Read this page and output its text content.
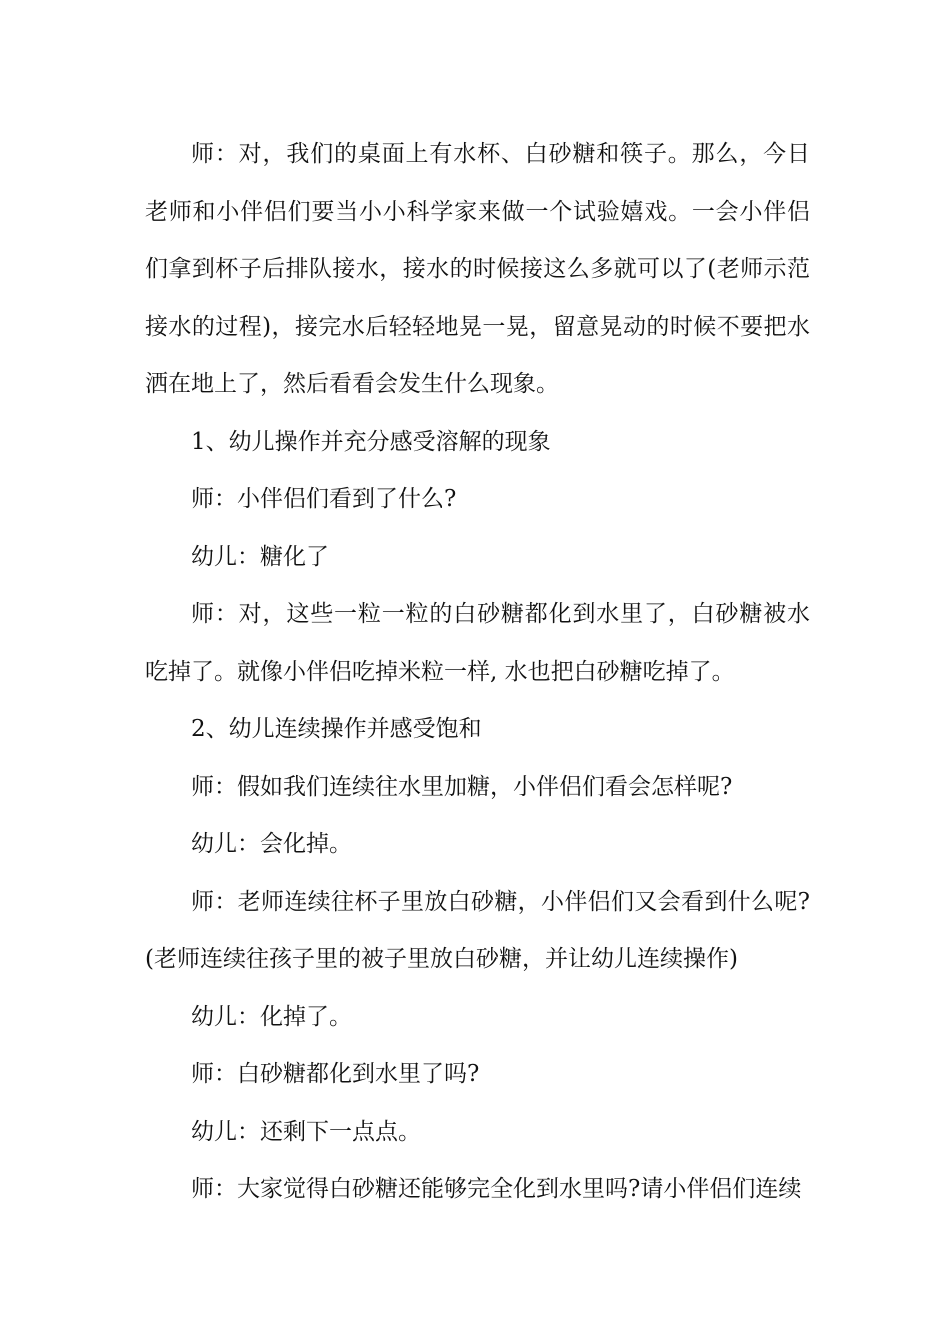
师：对，我们的桌面上有水杯、白砂糖和筷子。那么，今日老师和小伴侣们要当小小科学家来做一个试验嬉戏。一会小伴侣们拿到杯子后排队接水，接水的时候接这么多就可以了(老师示范接水的过程)，接完水后轻轻地晃一晃，留意晃动的时候不要把水洒在地上了，然后看看会发生什么现象。

1、幼儿操作并充分感受溶解的现象

师：小伴侣们看到了什么?

幼儿：糖化了

师：对，这些一粒一粒的白砂糖都化到水里了，白砂糖被水吃掉了。就像小伴侣吃掉米粒一样, 水也把白砂糖吃掉了。

2、幼儿连续操作并感受饱和

师：假如我们连续往水里加糖，小伴侣们看会怎样呢?

幼儿：会化掉。

师：老师连续往杯子里放白砂糖，小伴侣们又会看到什么呢?(老师连续往孩子里的被子里放白砂糖，并让幼儿连续操作)

幼儿：化掉了。

师：白砂糖都化到水里了吗?

幼儿：还剩下一点点。

师：大家觉得白砂糖还能够完全化到水里吗?请小伴侣们连续
